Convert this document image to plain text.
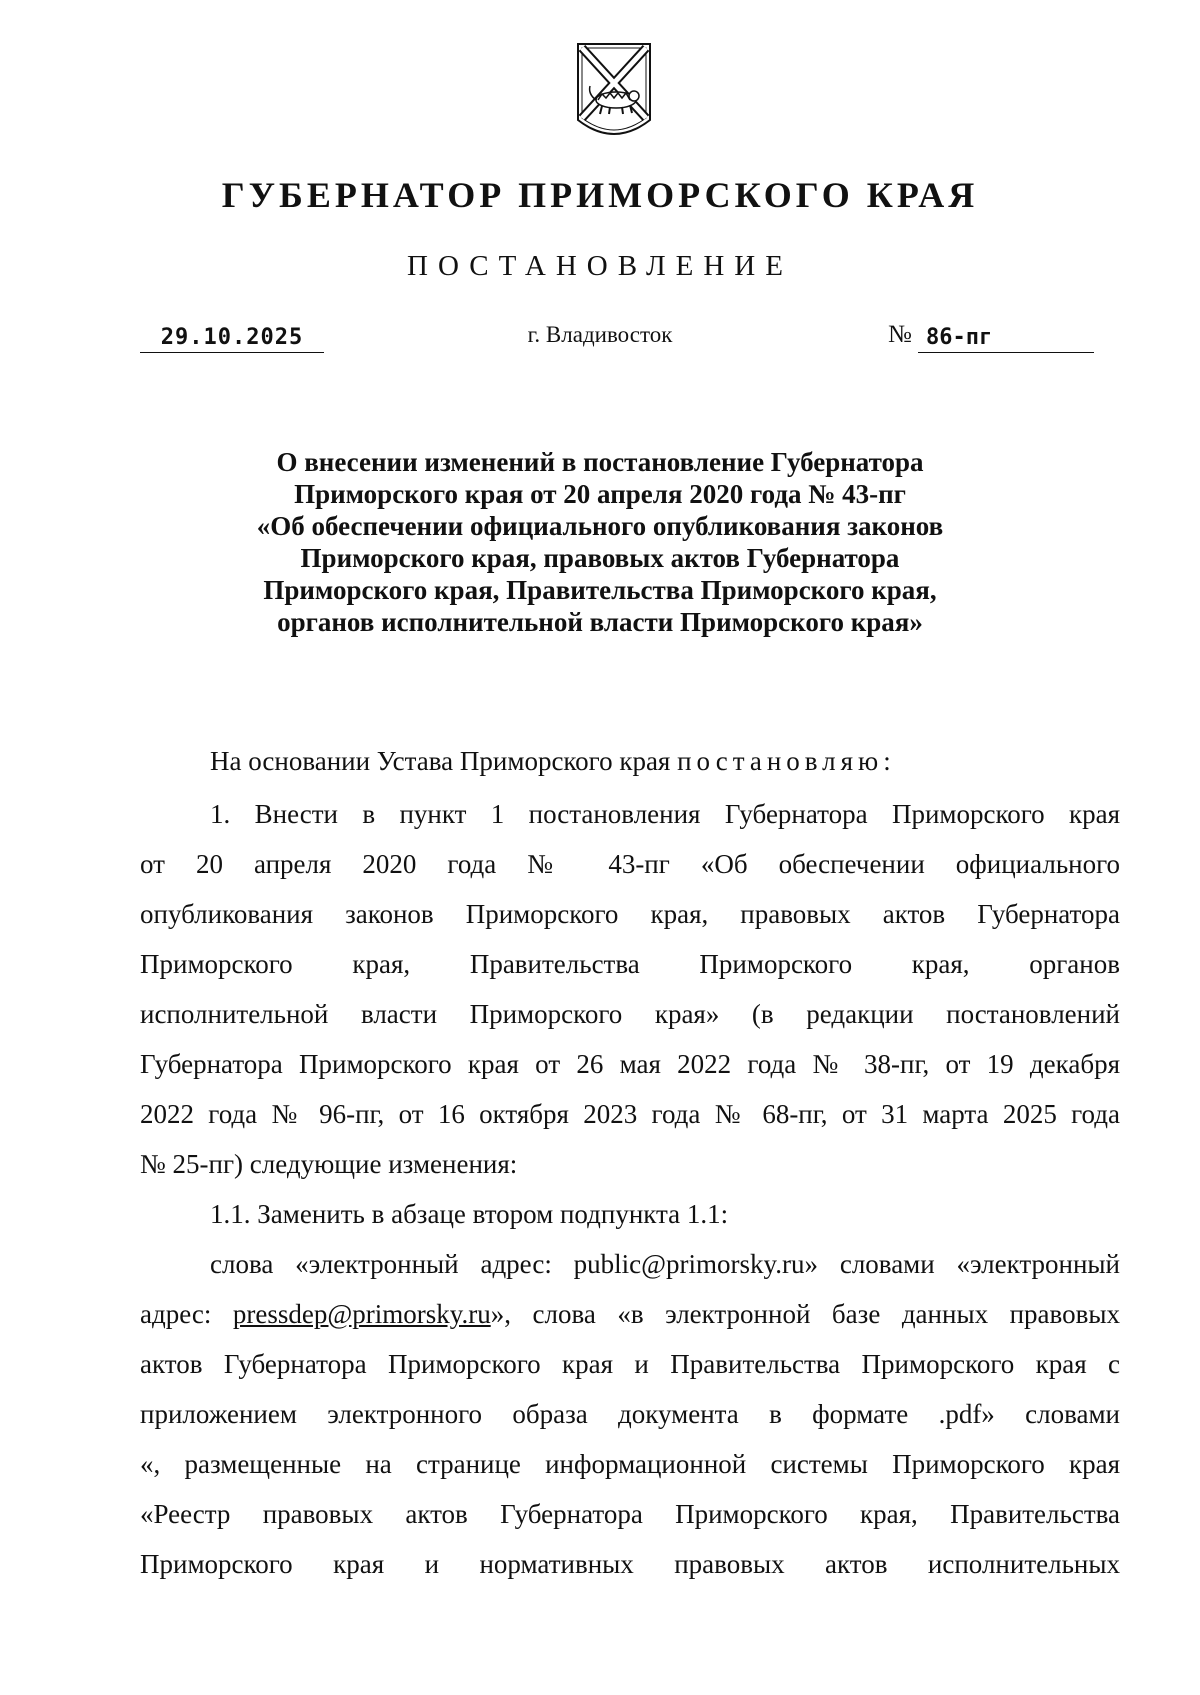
ГУБЕРНАТОР ПРИМОРСКОГО КРАЯ
ПОСТАНОВЛЕНИЕ
29.10.2025	г. Владивосток	№ 86-пг
О внесении изменений в постановление Губернатора
Приморского края от 20 апреля 2020 года № 43-пг
«Об обеспечении официального опубликования законов
Приморского края, правовых актов Губернатора
Приморского края, Правительства Приморского края,
органов исполнительной власти Приморского края»
На основании Устава Приморского края постановляю:
1. Внести в пункт 1 постановления Губернатора Приморского края
от 20 апреля 2020 года № 43-пг «Об обеспечении официального
опубликования законов Приморского края, правовых актов Губернатора
Приморского края, Правительства Приморского края, органов
исполнительной власти Приморского края» (в редакции постановлений
Губернатора Приморского края от 26 мая 2022 года № 38-пг, от 19 декабря
2022 года № 96-пг, от 16 октября 2023 года № 68-пг, от 31 марта 2025 года
№ 25-пг) следующие изменения:
1.1. Заменить в абзаце втором подпункта 1.1:
слова «электронный адрес: public@primorsky.ru» словами «электронный
адрес: pressdep@primorsky.ru», слова «в электронной базе данных правовых
актов Губернатора Приморского края и Правительства Приморского края с
приложением электронного образа документа в формате .pdf» словами
«, размещенные на странице информационной системы Приморского края
«Реестр правовых актов Губернатора Приморского края, Правительства
Приморского края и нормативных правовых актов исполнительных
